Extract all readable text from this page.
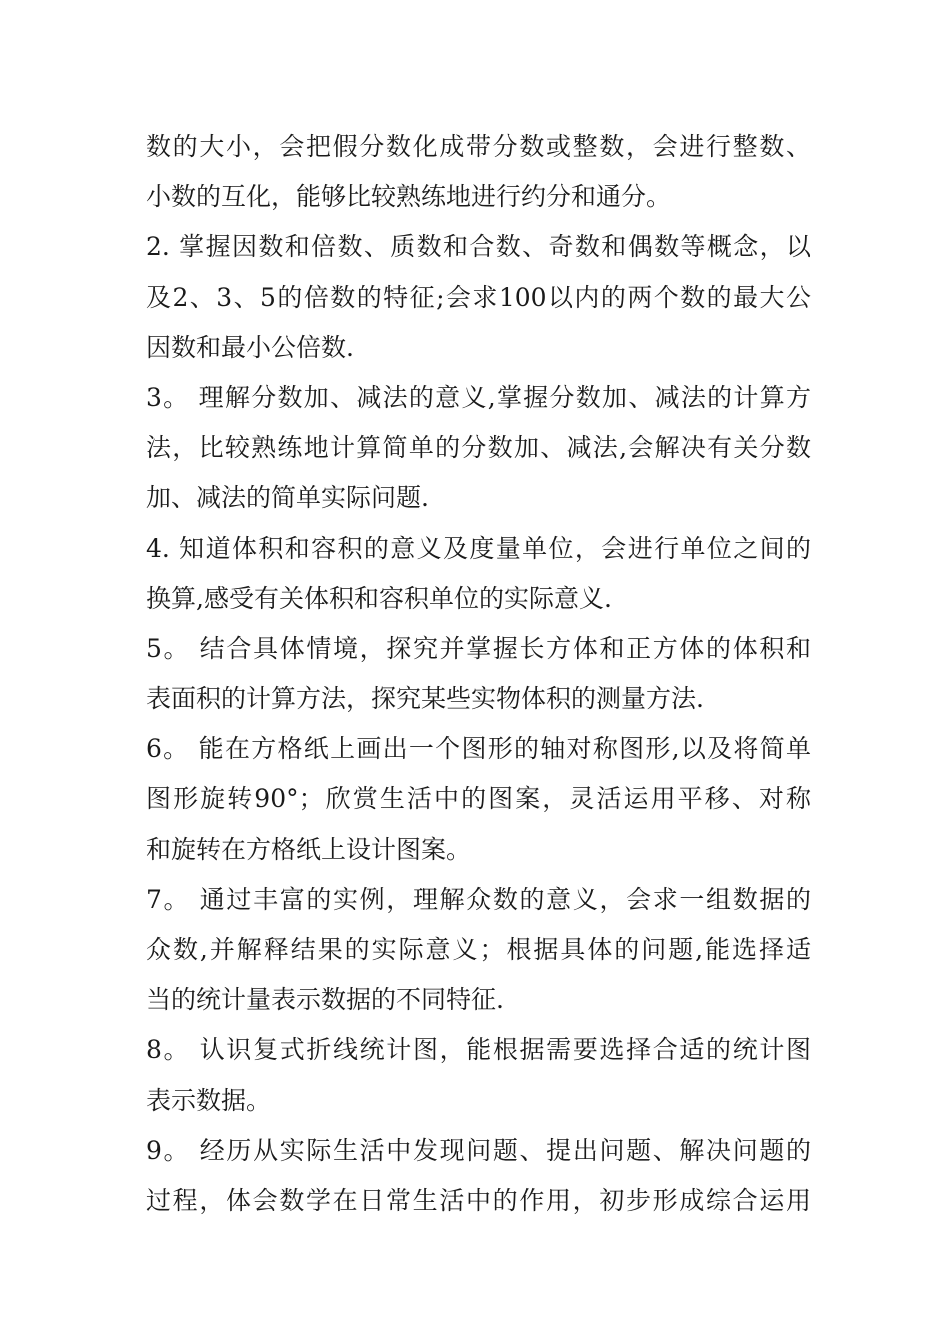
数的大小，会把假分数化成带分数或整数，会进行整数、
小数的互化，能够比较熟练地进行约分和通分。
2. 掌握因数和倍数、质数和合数、奇数和偶数等概念，以
及2、3、5的倍数的特征;会求100以内的两个数的最大公
因数和最小公倍数.
3。 理解分数加、减法的意义,掌握分数加、减法的计算方
法，比较熟练地计算简单的分数加、减法,会解决有关分数
加、减法的简单实际问题.
4. 知道体积和容积的意义及度量单位，会进行单位之间的
换算,感受有关体积和容积单位的实际意义.
5。 结合具体情境，探究并掌握长方体和正方体的体积和
表面积的计算方法，探究某些实物体积的测量方法.
6。 能在方格纸上画出一个图形的轴对称图形,以及将简单
图形旋转90°；欣赏生活中的图案，灵活运用平移、对称
和旋转在方格纸上设计图案。
7。 通过丰富的实例，理解众数的意义，会求一组数据的
众数,并解释结果的实际意义；根据具体的问题,能选择适
当的统计量表示数据的不同特征.
8。 认识复式折线统计图，能根据需要选择合适的统计图
表示数据。
9。 经历从实际生活中发现问题、提出问题、解决问题的
过程，体会数学在日常生活中的作用，初步形成综合运用
